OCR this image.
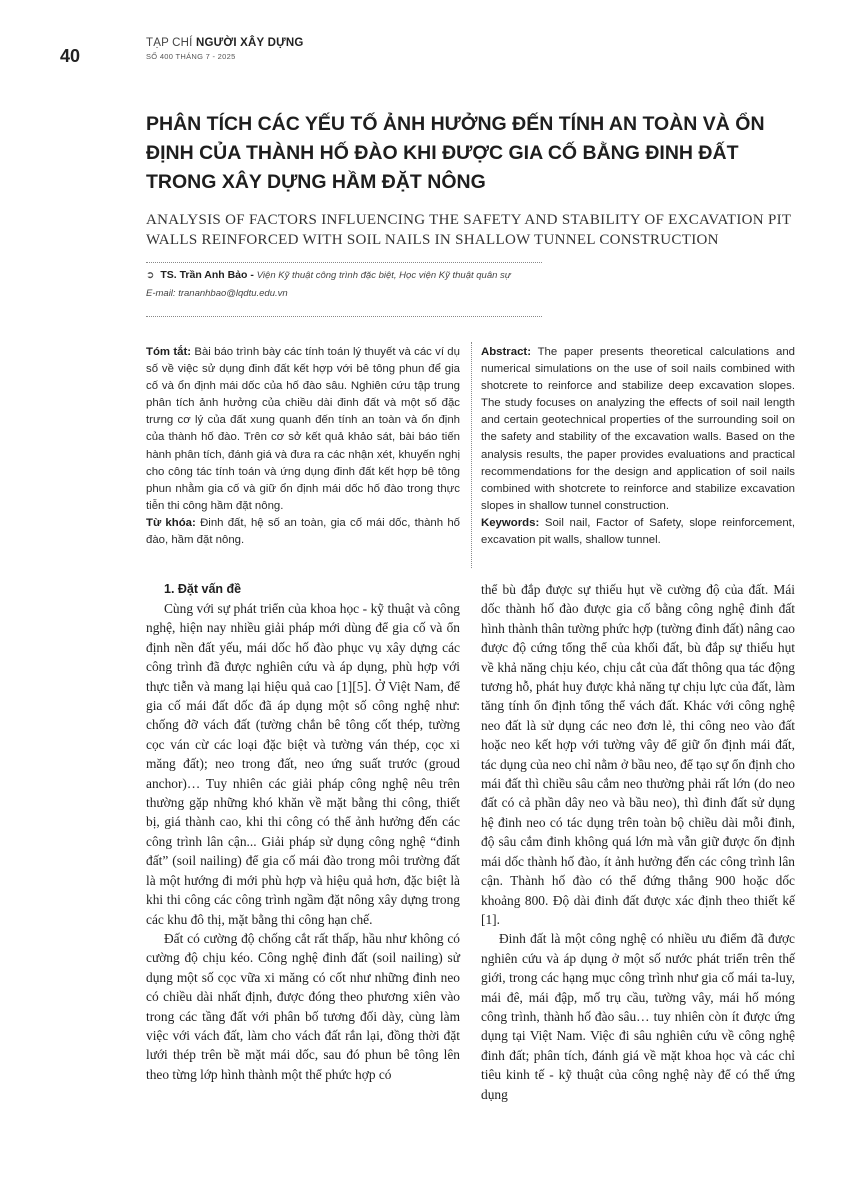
40
TẠP CHÍ NGƯỜI XÂY DỰNG
SỐ 400 THÁNG 7 - 2025
PHÂN TÍCH CÁC YẾU TỐ ẢNH HƯỞNG ĐẾN TÍNH AN TOÀN VÀ ỔN ĐỊNH CỦA THÀNH HỐ ĐÀO KHI ĐƯỢC GIA CỐ BẰNG ĐINH ĐẤT TRONG XÂY DỰNG HẦM ĐẶT NÔNG
ANALYSIS OF FACTORS INFLUENCING THE SAFETY AND STABILITY OF EXCAVATION PIT WALLS REINFORCED WITH SOIL NAILS IN SHALLOW TUNNEL CONSTRUCTION
➲ TS. Trần Anh Bảo - Viện Kỹ thuật công trình đặc biệt, Học viện Kỹ thuật quân sự
E-mail: trananhbao@lqdtu.edu.vn

Tóm tắt: Bài báo trình bày các tính toán lý thuyết và các ví dụ số về việc sử dụng đinh đất kết hợp với bê tông phun để gia cố và ổn định mái dốc của hố đào sâu. Nghiên cứu tập trung phân tích ảnh hưởng của chiều dài đinh đất và một số đặc trưng cơ lý của đất xung quanh đến tính an toàn và ổn định của thành hố đào. Trên cơ sở kết quả khảo sát, bài báo tiến hành phân tích, đánh giá và đưa ra các nhận xét, khuyến nghị cho công tác tính toán và ứng dụng đinh đất kết hợp bê tông phun nhằm gia cố và giữ ổn định mái dốc hố đào trong thực tiễn thi công hầm đặt nông.

Từ khóa: Đinh đất, hệ số an toàn, gia cố mái dốc, thành hố đào, hầm đặt nông.

Abstract: The paper presents theoretical calculations and numerical simulations on the use of soil nails combined with shotcrete to reinforce and stabilize deep excavation slopes. The study focuses on analyzing the effects of soil nail length and certain geotechnical properties of the surrounding soil on the safety and stability of the excavation walls. Based on the analysis results, the paper provides evaluations and practical recommendations for the design and application of soil nails combined with shotcrete to reinforce and stabilize excavation slopes in shallow tunnel construction.

Keywords: Soil nail, Factor of Safety, slope reinforcement, excavation pit walls, shallow tunnel.

1. Đặt vấn đề

Cùng với sự phát triển của khoa học - kỹ thuật và công nghệ, hiện nay nhiều giải pháp mới dùng để gia cố và ổn định nền đất yếu, mái dốc hố đào phục vụ xây dựng các công trình đã được nghiên cứu và áp dụng, phù hợp với thực tiễn và mang lại hiệu quả cao [1][5]. Ở Việt Nam, để gia cố mái đất dốc đã áp dụng một số công nghệ như: chống đỡ vách đất (tường chắn bê tông cốt thép, tường cọc ván cừ các loại đặc biệt và tường ván thép, cọc xi măng đất); neo trong đất, neo ứng suất trước (groud anchor)… Tuy nhiên các giải pháp công nghệ nêu trên thường gặp những khó khăn về mặt bằng thi công, thiết bị, giá thành cao, khi thi công có thể ảnh hưởng đến các công trình lân cận... Giải pháp sử dụng công nghệ “đinh đất” (soil nailing) để gia cố mái đào trong môi trường đất là một hướng đi mới phù hợp và hiệu quả hơn, đặc biệt là khi thi công các công trình ngầm đặt nông xây dựng trong các khu đô thị, mặt bằng thi công hạn chế.

Đất có cường độ chống cắt rất thấp, hầu như không có cường độ chịu kéo. Công nghệ đinh đất (soil nailing) sử dụng một số cọc vữa xi măng có cốt như những đinh neo có chiều dài nhất định, được đóng theo phương xiên vào trong các tầng đất với phân bố tương đối dày, cùng làm việc với vách đất, làm cho vách đất rắn lại, đồng thời đặt lưới thép trên bề mặt mái dốc, sau đó phun bê tông lên theo từng lớp hình thành một thể phức hợp có

thể bù đắp được sự thiếu hụt về cường độ của đất. Mái dốc thành hố đào được gia cố bằng công nghệ đinh đất hình thành thân tường phức hợp (tường đinh đất) nâng cao được độ cứng tổng thể của khối đất, bù đắp sự thiếu hụt về khả năng chịu kéo, chịu cắt của đất thông qua tác động tương hỗ, phát huy được khả năng tự chịu lực của đất, làm tăng tính ổn định tổng thể vách đất. Khác với công nghệ neo đất là sử dụng các neo đơn lẻ, thi công neo vào đất hoặc neo kết hợp với tường vây để giữ ổn định mái đất, tác dụng của neo chỉ nằm ở bầu neo, để tạo sự ổn định cho mái đất thì chiều sâu cắm neo thường phải rất lớn (do neo đất có cả phần dây neo và bầu neo), thì đinh đất sử dụng hệ đinh neo có tác dụng trên toàn bộ chiều dài mỗi đinh, độ sâu cắm đinh không quá lớn mà vẫn giữ được ổn định mái dốc thành hố đào, ít ảnh hưởng đến các công trình lân cận. Thành hố đào có thể đứng thẳng 900 hoặc dốc khoảng 800. Độ dài đinh đất được xác định theo thiết kế [1].

Đinh đất là một công nghệ có nhiều ưu điểm đã được nghiên cứu và áp dụng ở một số nước phát triển trên thế giới, trong các hạng mục công trình như gia cố mái ta-luy, mái đê, mái đập, mố trụ cầu, tường vây, mái hố móng công trình, thành hố đào sâu… tuy nhiên còn ít được ứng dụng tại Việt Nam. Việc đi sâu nghiên cứu về công nghệ đinh đất; phân tích, đánh giá về mặt khoa học và các chỉ tiêu kinh tế - kỹ thuật của công nghệ này để có thể ứng dụng
